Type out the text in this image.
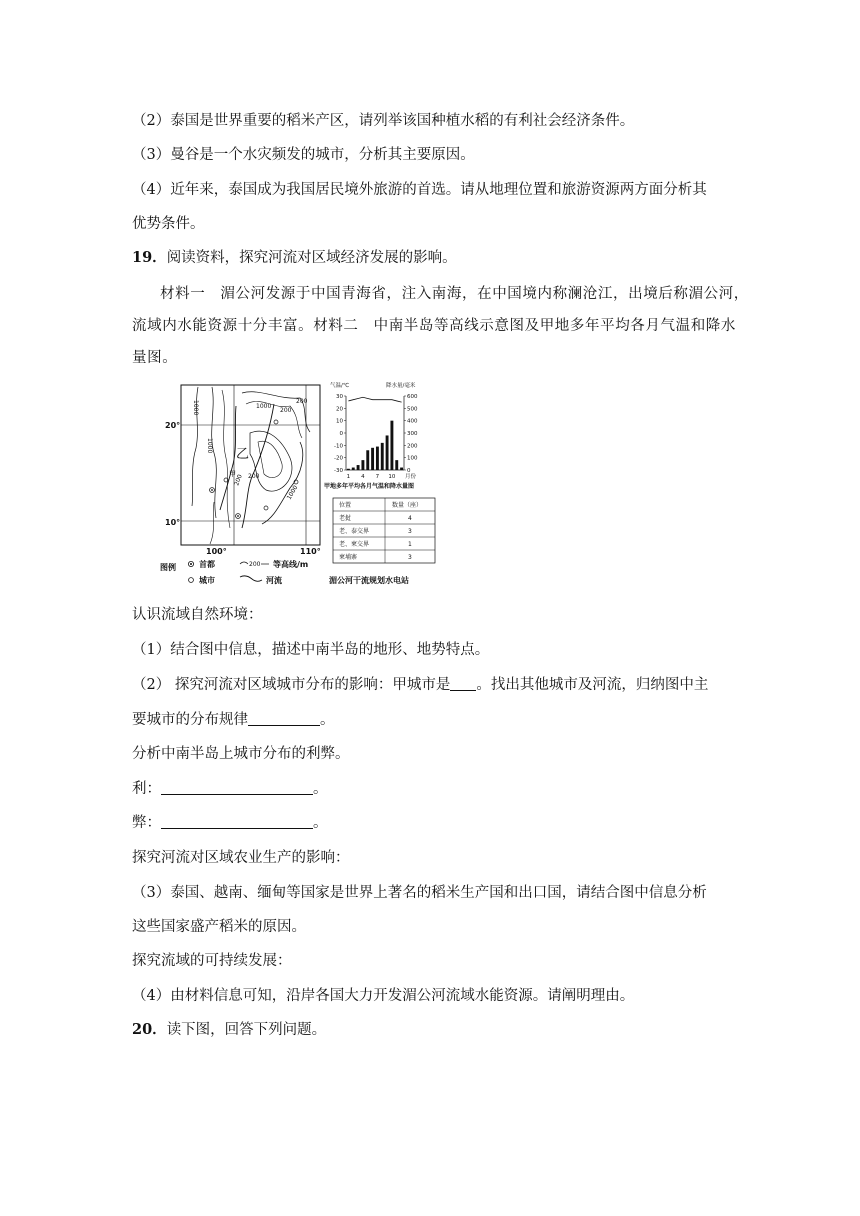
（2）泰国是世界重要的稻米产区，请列举该国种植水稻的有利社会经济条件。
（3）曼谷是一个水灾频发的城市，分析其主要原因。
（4）近年来，泰国成为我国居民境外旅游的首选。请从地理位置和旅游资源两方面分析其
优势条件。
19．阅读资料，探究河流对区域经济发展的影响。
材料一　湄公河发源于中国青海省，注入南海，在中国境内称澜沧江，出境后称湄公河，
流域内水能资源十分丰富。材料二　中南半岛等高线示意图及甲地多年平均各月气温和降水
量图。
200
1000
1000
1000
200
200 200
1000
甲
乙
20°
10°
100°	110°
图例	首都	200 等高线/m
城市	河流
气温/℃	降水量/毫米
30
20
10
0
-10
-20
-30
600
500
400
300
200
100
0
1 4 7 10 月份
甲地多年平均各月气温和降水量图
位置	数量（座）
老挝	4
老、泰交界	3
老、柬交界	1
柬埔寨	3
湄公河干流规划水电站
认识流域自然环境：
（1）结合图中信息，描述中南半岛的地形、地势特点。
（2） 探究河流对区域城市分布的影响：甲城市是 。找出其他城市及河流，归纳图中主
要城市的分布规律	。
分析中南半岛上城市分布的利弊。
利：	。
弊：	。
探究河流对区域农业生产的影响：
（3）泰国、越南、缅甸等国家是世界上著名的稻米生产国和出口国，请结合图中信息分析
这些国家盛产稻米的原因。
探究流域的可持续发展：
（4）由材料信息可知，沿岸各国大力开发湄公河流域水能资源。请阐明理由。
20．读下图，回答下列问题。
